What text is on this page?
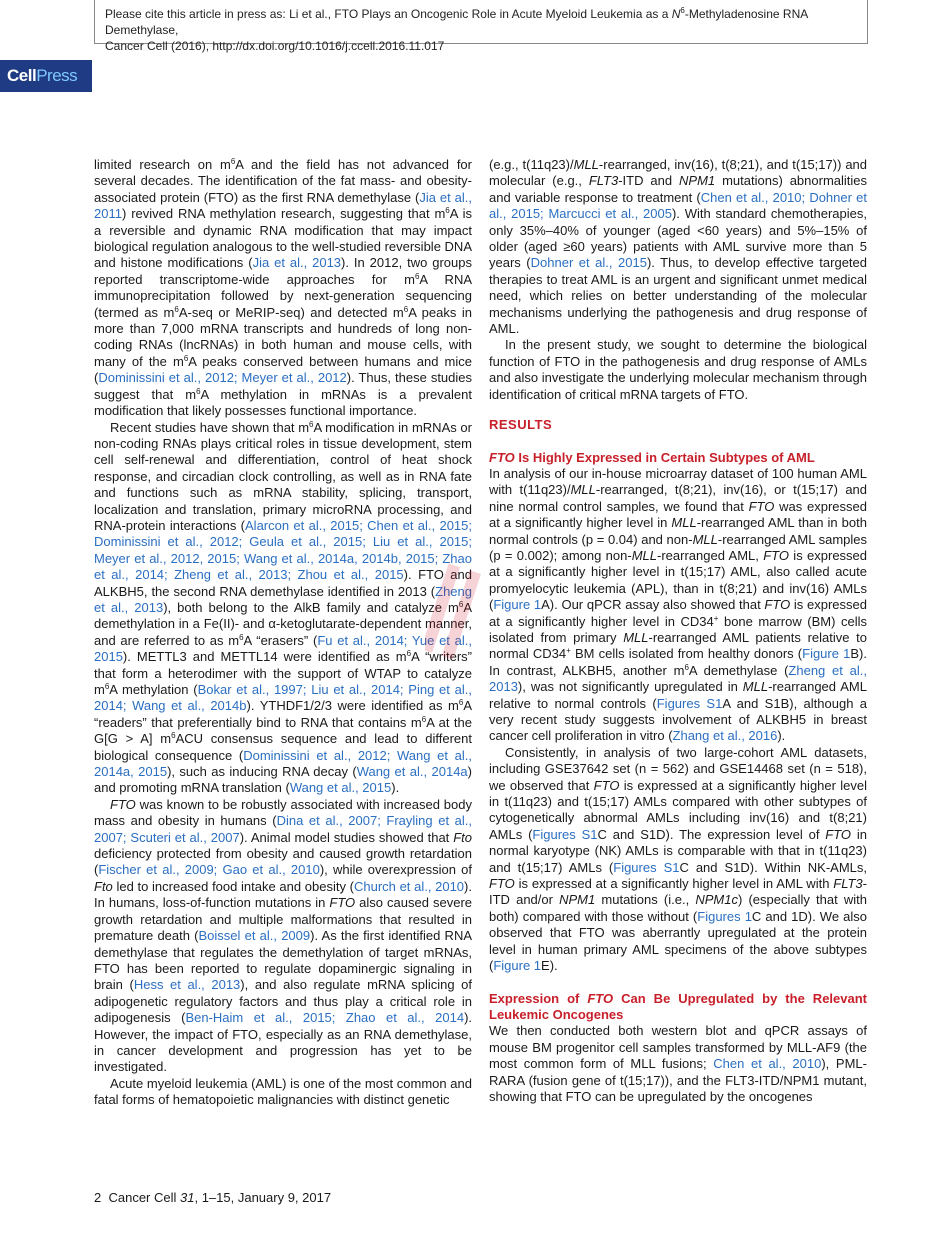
Please cite this article in press as: Li et al., FTO Plays an Oncogenic Role in Acute Myeloid Leukemia as a $N^6$-Methyladenosine RNA Demethylase,
Cancer Cell (2016), http://dx.doi.org/10.1016/j.ccell.2016.11.017
CellPress

limited research on $m^6A$ and the field has not advanced for several decades. The identification of the fat mass- and obesity-associated protein (FTO) as the first RNA demethylase (Jia et al., 2011) revived RNA methylation research, suggesting that $m^6A$ is a reversible and dynamic RNA modification that may impact biological regulation analogous to the well-studied reversible DNA and histone modifications (Jia et al., 2013). In 2012, two groups reported transcriptome-wide approaches for $m^6A$ RNA immunoprecipitation followed by next-generation sequencing (termed as $m^6A$-seq or MeRIP-seq) and detected $m^6A$ peaks in more than 7,000 mRNA transcripts and hundreds of long non-coding RNAs (lncRNAs) in both human and mouse cells, with many of the $m^6A$ peaks conserved between humans and mice (Dominissini et al., 2012; Meyer et al., 2012). Thus, these studies suggest that $m^6A$ methylation in mRNAs is a prevalent modification that likely possesses functional importance.

Recent studies have shown that $m^6A$ modification in mRNAs or non-coding RNAs plays critical roles in tissue development, stem cell self-renewal and differentiation, control of heat shock response, and circadian clock controlling, as well as in RNA fate and functions such as mRNA stability, splicing, transport, localization and translation, primary microRNA processing, and RNA-protein interactions (Alarcon et al., 2015; Chen et al., 2015; Dominissini et al., 2012; Geula et al., 2015; Liu et al., 2015; Meyer et al., 2012, 2015; Wang et al., 2014a, 2014b, 2015; Zhao et al., 2014; Zheng et al., 2013; Zhou et al., 2015). FTO and ALKBH5, the second RNA demethylase identified in 2013 (Zheng et al., 2013), both belong to the AlkB family and catalyze $m^6A$ demethylation in a Fe(II)- and α-ketoglutarate-dependent manner, and are referred to as $m^6A$ “erasers” (Fu et al., 2014; Yue et al., 2015). METTL3 and METTL14 were identified as $m^6A$ “writers” that form a heterodimer with the support of WTAP to catalyze $m^6A$ methylation (Bokar et al., 1997; Liu et al., 2014; Ping et al., 2014; Wang et al., 2014b). YTHDF1/2/3 were identified as $m^6A$ “readers” that preferentially bind to RNA that contains $m^6A$ at the G[G > A] $m^6ACU$ consensus sequence and lead to different biological consequence (Dominissini et al., 2012; Wang et al., 2014a, 2015), such as inducing RNA decay (Wang et al., 2014a) and promoting mRNA translation (Wang et al., 2015).

FTO was known to be robustly associated with increased body mass and obesity in humans (Dina et al., 2007; Frayling et al., 2007; Scuteri et al., 2007). Animal model studies showed that Fto deficiency protected from obesity and caused growth retardation (Fischer et al., 2009; Gao et al., 2010), while overexpression of Fto led to increased food intake and obesity (Church et al., 2010). In humans, loss-of-function mutations in FTO also caused severe growth retardation and multiple malformations that resulted in premature death (Boissel et al., 2009). As the first identified RNA demethylase that regulates the demethylation of target mRNAs, FTO has been reported to regulate dopaminergic signaling in brain (Hess et al., 2013), and also regulate mRNA splicing of adipogenetic regulatory factors and thus play a critical role in adipogenesis (Ben-Haim et al., 2015; Zhao et al., 2014). However, the impact of FTO, especially as an RNA demethylase, in cancer development and progression has yet to be investigated.

Acute myeloid leukemia (AML) is one of the most common and fatal forms of hematopoietic malignancies with distinct genetic

(e.g., t(11q23)/MLL-rearranged, inv(16), t(8;21), and t(15;17)) and molecular (e.g., FLT3-ITD and NPM1 mutations) abnormalities and variable response to treatment (Chen et al., 2010; Dohner et al., 2015; Marcucci et al., 2005). With standard chemotherapies, only 35%–40% of younger (aged <60 years) and 5%–15% of older (aged ≥60 years) patients with AML survive more than 5 years (Dohner et al., 2015). Thus, to develop effective targeted therapies to treat AML is an urgent and significant unmet medical need, which relies on better understanding of the molecular mechanisms underlying the pathogenesis and drug response of AML.

In the present study, we sought to determine the biological function of FTO in the pathogenesis and drug response of AMLs and also investigate the underlying molecular mechanism through identification of critical mRNA targets of FTO.

RESULTS

FTO Is Highly Expressed in Certain Subtypes of AML

In analysis of our in-house microarray dataset of 100 human AML with t(11q23)/MLL-rearranged, t(8;21), inv(16), or t(15;17) and nine normal control samples, we found that FTO was expressed at a significantly higher level in MLL-rearranged AML than in both normal controls (p = 0.04) and non-MLL-rearranged AML samples (p = 0.002); among non-MLL-rearranged AML, FTO is expressed at a significantly higher level in t(15;17) AML, also called acute promyelocytic leukemia (APL), than in t(8;21) and inv(16) AMLs (Figure 1A). Our qPCR assay also showed that FTO is expressed at a significantly higher level in CD34+ bone marrow (BM) cells isolated from primary MLL-rearranged AML patients relative to normal CD34+ BM cells isolated from healthy donors (Figure 1B). In contrast, ALKBH5, another $m^6A$ demethylase (Zheng et al., 2013), was not significantly upregulated in MLL-rearranged AML relative to normal controls (Figures S1A and S1B), although a very recent study suggests involvement of ALKBH5 in breast cancer cell proliferation in vitro (Zhang et al., 2016).

Consistently, in analysis of two large-cohort AML datasets, including GSE37642 set (n = 562) and GSE14468 set (n = 518), we observed that FTO is expressed at a significantly higher level in t(11q23) and t(15;17) AMLs compared with other subtypes of cytogenetically abnormal AMLs including inv(16) and t(8;21) AMLs (Figures S1C and S1D). The expression level of FTO in normal karyotype (NK) AMLs is comparable with that in t(11q23) and t(15;17) AMLs (Figures S1C and S1D). Within NK-AMLs, FTO is expressed at a significantly higher level in AML with FLT3-ITD and/or NPM1 mutations (i.e., NPM1c) (especially that with both) compared with those without (Figures 1C and 1D). We also observed that FTO was aberrantly upregulated at the protein level in human primary AML specimens of the above subtypes (Figure 1E).

Expression of FTO Can Be Upregulated by the Relevant Leukemic Oncogenes

We then conducted both western blot and qPCR assays of mouse BM progenitor cell samples transformed by MLL-AF9 (the most common form of MLL fusions; Chen et al., 2010), PML-RARA (fusion gene of t(15;17)), and the FLT3-ITD/NPM1 mutant, showing that FTO can be upregulated by the oncogenes

2 Cancer Cell 31, 1–15, January 9, 2017
